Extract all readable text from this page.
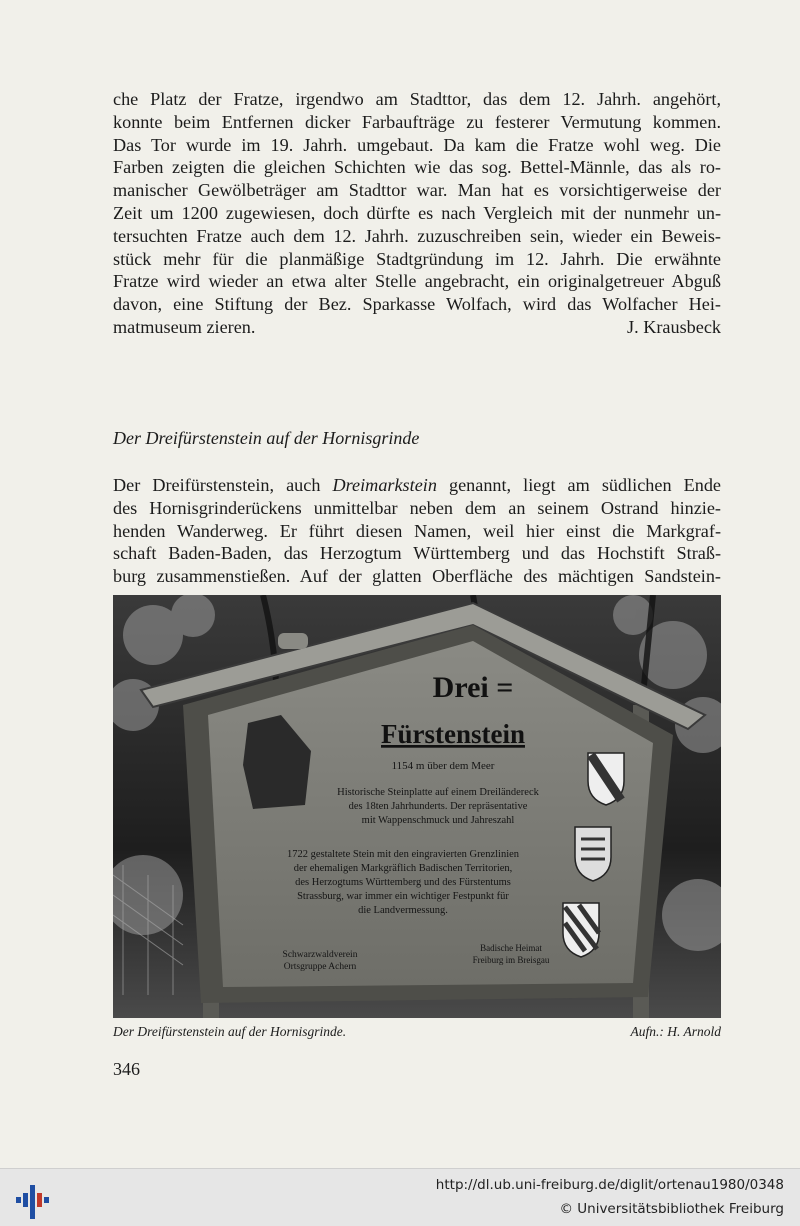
che Platz der Fratze, irgendwo am Stadttor, das dem 12. Jahrh. angehört,

konnte beim Entfernen dicker Farbaufträge zu festerer Vermutung kommen.

Das Tor wurde im 19. Jahrh. umgebaut. Da kam die Fratze wohl weg. Die

Farben zeigten die gleichen Schichten wie das sog. Bettel-Männle, das als ro-

manischer Gewölbeträger am Stadttor war. Man hat es vorsichtigerweise der

Zeit um 1200 zugewiesen, doch dürfte es nach Vergleich mit der nunmehr un-

tersuchten Fratze auch dem 12. Jahrh. zuzuschreiben sein, wieder ein Beweis-

stück mehr für die planmäßige Stadtgründung im 12. Jahrh. Die erwähnte

Fratze wird wieder an etwa alter Stelle angebracht, ein originalgetreuer Abguß

davon, eine Stiftung der Bez. Sparkasse Wolfach, wird das Wolfacher Hei-

matmuseum zieren.	J. Krausbeck
Der Dreifürstenstein auf der Hornisgrinde

Der Dreifürstenstein, auch Dreimarkstein genannt, liegt am südlichen Ende

des Hornisgrinderückens unmittelbar neben dem an seinem Ostrand hinzie-

henden Wanderweg. Er führt diesen Namen, weil hier einst die Markgraf-

schaft Baden-Baden, das Herzogtum Württemberg und das Hochstift Straß-

burg zusammenstießen. Auf der glatten Oberfläche des mächtigen Sandstein-

Drei =
Fürstenstein
1154 m über dem Meer
Historische Steinplatte auf einem Dreiländereck
des 18ten Jahrhunderts. Der repräsentative
mit Wappenschmuck und Jahreszahl
1722 gestaltete Stein mit den eingravierten Grenzlinien
der ehemaligen Markgräflich Badischen Territorien,
des Herzogtums Württemberg und des Fürstentums
Strassburg, war immer ein wichtiger Festpunkt für
die Landvermessung.
Schwarzwaldverein
Ortsgruppe Achern
Badische Heimat
Freiburg im Breisgau
Der Dreifürstenstein auf der Hornisgrinde.	Aufn.: H. Arnold
346
http://dl.ub.uni-freiburg.de/diglit/ortenau1980/0348
© Universitätsbibliothek Freiburg
